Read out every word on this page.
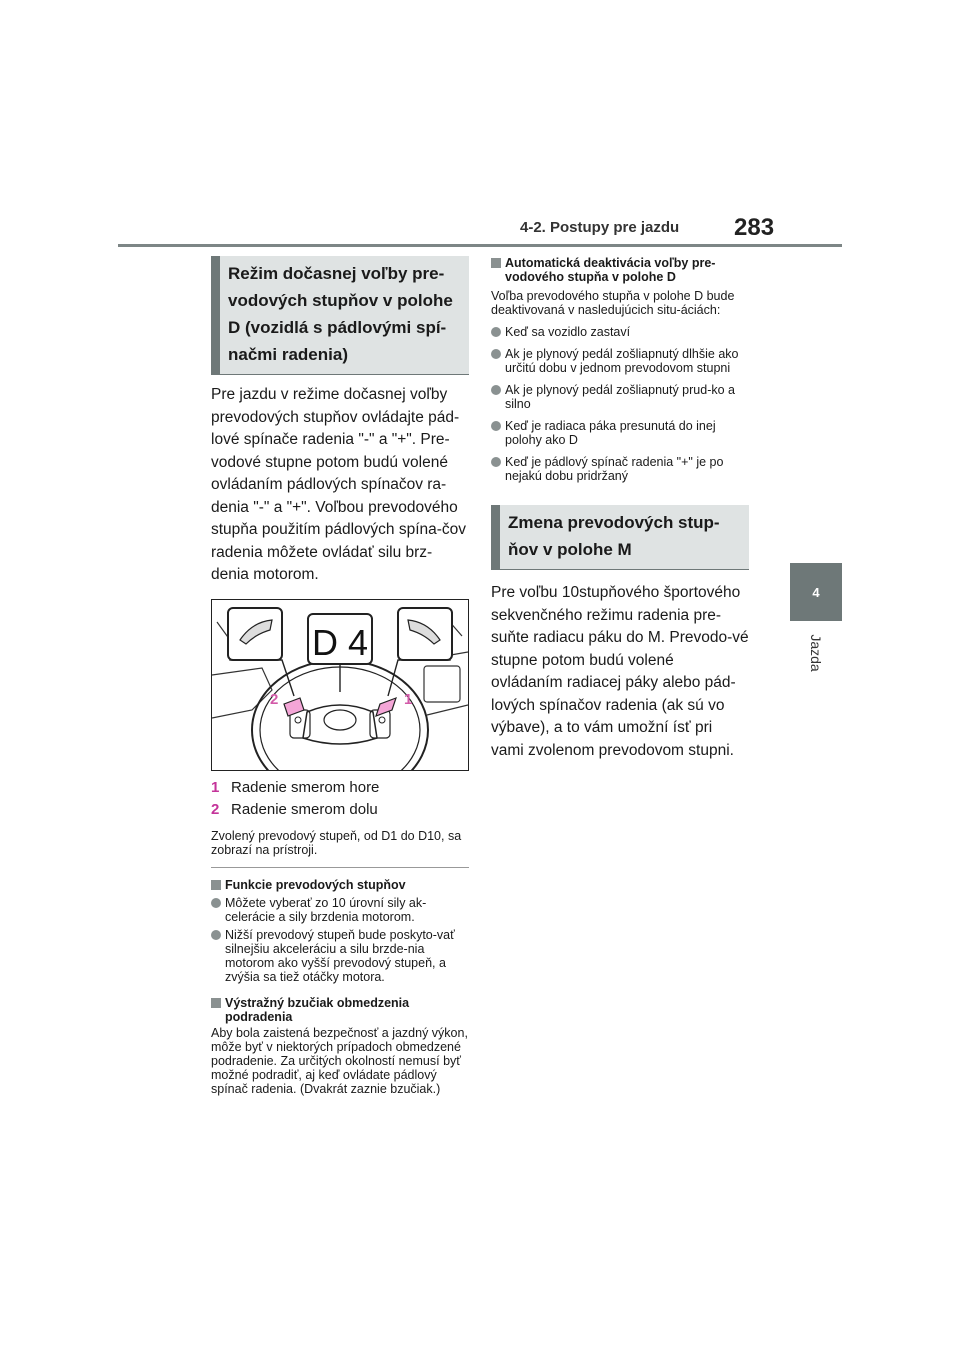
4-2. Postupy pre jazdu 283
4
Jazda
Režim dočasnej voľby pre-vodových stupňov v polohe D (vozidlá s pádlovými spí-načmi radenia)

Pre jazdu v režime dočasnej voľby prevodových stupňov ovládajte pád-lové spínače radenia "-" a "+". Pre-vodové stupne potom budú volené ovládaním pádlových spínačov ra-denia "-" a "+". Voľbou prevodového stupňa použitím pádlových spína-čov radenia môžete ovládať silu brz-denia motorom.

D 4
2	1
1 Radenie smerom hore
2 Radenie smerom dolu

Zvolený prevodový stupeň, od D1 do D10, sa zobrazí na prístroji.

Funkcie prevodových stupňov
Môžete vyberať zo 10 úrovní sily ak-celerácie a sily brzdenia motorom.
Nižší prevodový stupeň bude poskyto-vať silnejšiu akceleráciu a silu brzde-nia motorom ako vyšší prevodový stupeň, a zvýšia sa tiež otáčky motora.
Výstražný bzučiak obmedzenia podradenia

Aby bola zaistená bezpečnosť a jazdný výkon, môže byť v niektorých prípadoch obmedzené podradenie. Za určitých okolností nemusí byť možné podradiť, aj keď ovládate pádlový spínač radenia. (Dvakrát zaznie bzučiak.)

Automatická deaktivácia voľby pre-vodového stupňa v polohe D

Voľba prevodového stupňa v polohe D bude deaktivovaná v nasledujúcich situ-áciách:

Keď sa vozidlo zastaví
Ak je plynový pedál zošliapnutý dlhšie ako určitú dobu v jednom prevodovom stupni
Ak je plynový pedál zošliapnutý prud-ko a silno
Keď je radiaca páka presunutá do inej polohy ako D
Keď je pádlový spínač radenia "+" je po nejakú dobu pridržaný
Zmena prevodových stup-ňov v polohe M

Pre voľbu 10stupňového športového sekvenčného režimu radenia pre-suňte radiacu páku do M. Prevodo-vé stupne potom budú volené ovládaním radiacej páky alebo pád-lových spínačov radenia (ak sú vo výbave), a to vám umožní ísť pri vami zvolenom prevodovom stupni.
